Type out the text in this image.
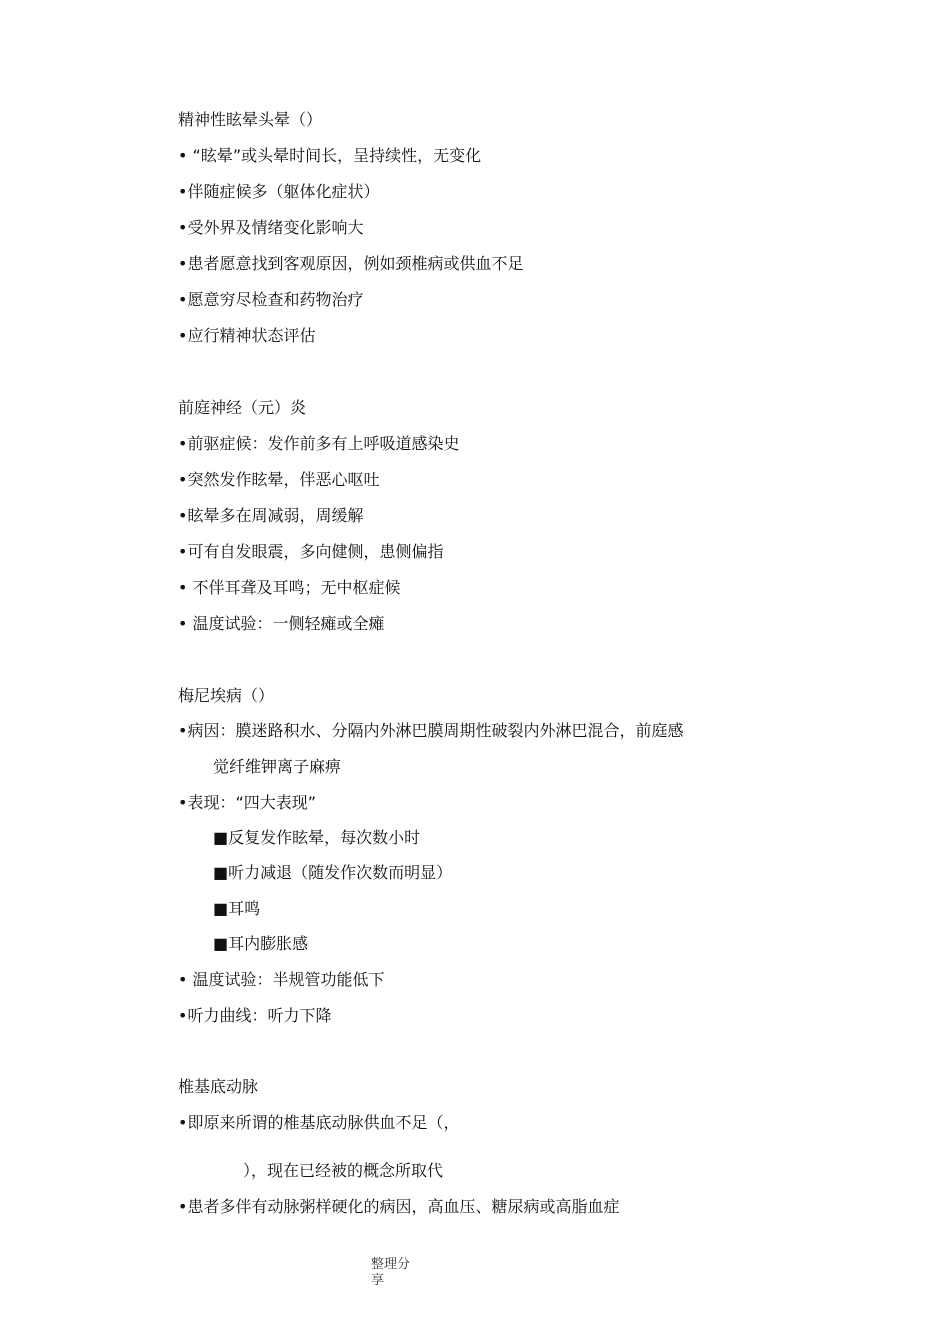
精神性眩晕头晕（）
• “眩晕”或头晕时间长，呈持续性，无变化
•伴随症候多（躯体化症状）
•受外界及情绪变化影响大
•患者愿意找到客观原因，例如颈椎病或供血不足
•愿意穷尽检查和药物治疗
•应行精神状态评估
前庭神经（元）炎
•前驱症候：发作前多有上呼吸道感染史
•突然发作眩晕，伴恶心呕吐
•眩晕多在周减弱，周缓解
•可有自发眼震，多向健侧，患侧偏指
• 不伴耳聋及耳鸣；无中枢症候
• 温度试验：一侧轻瘫或全瘫
梅尼埃病（）
•病因：膜迷路积水、分隔内外淋巴膜周期性破裂内外淋巴混合，前庭感
觉纤维钾离子麻痹
•表现：“四大表现”
■反复发作眩晕，每次数小时
■听力减退（随发作次数而明显）
■耳鸣
■耳内膨胀感
• 温度试验：半规管功能低下
•听力曲线：听力下降
椎基底动脉
•即原来所谓的椎基底动脉供血不足（，
），现在已经被的概念所取代
•患者多伴有动脉粥样硬化的病因，高血压、糖尿病或高脂血症
整理分
享
